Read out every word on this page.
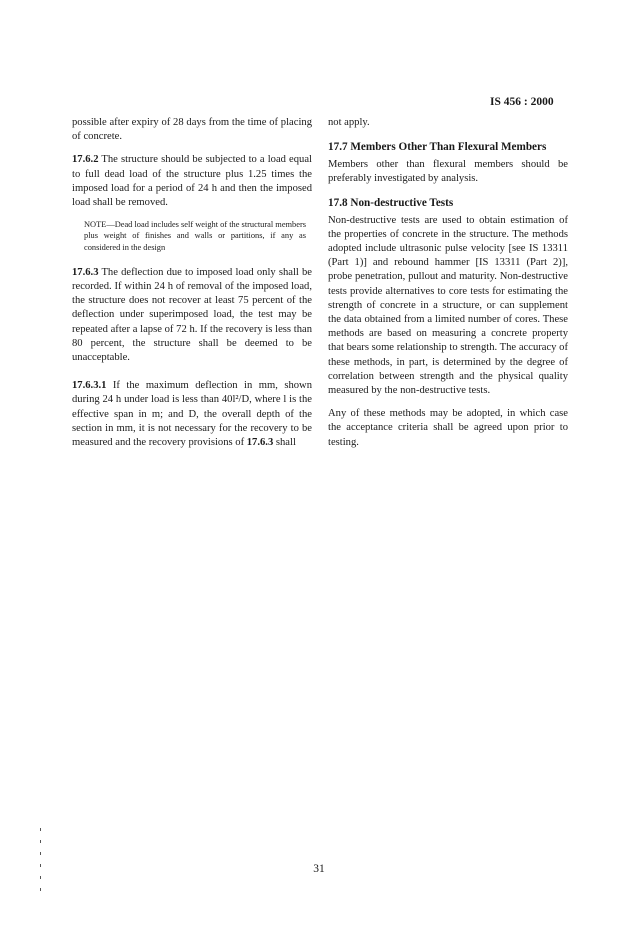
IS 456 : 2000

possible after expiry of 28 days from the time of placing of concrete.

17.6.2 The structure should be subjected to a load equal to full dead load of the structure plus 1.25 times the imposed load for a period of 24 h and then the imposed load shall be removed.

NOTE—Dead load includes self weight of the structural members plus weight of finishes and walls or partitions, if any as considered in the design

17.6.3 The deflection due to imposed load only shall be recorded. If within 24 h of removal of the imposed load, the structure does not recover at least 75 percent of the deflection under superimposed load, the test may be repeated after a lapse of 72 h. If the recovery is less than 80 percent, the structure shall be deemed to be unacceptable.

17.6.3.1 If the maximum deflection in mm, shown during 24 h under load is less than 40l²/D, where l is the effective span in m; and D, the overall depth of the section in mm, it is not necessary for the recovery to be measured and the recovery provisions of 17.6.3 shall

not apply.

17.7 Members Other Than Flexural Members

Members other than flexural members should be preferably investigated by analysis.

17.8 Non-destructive Tests

Non-destructive tests are used to obtain estimation of the properties of concrete in the structure. The methods adopted include ultrasonic pulse velocity [see IS 13311 (Part 1)] and rebound hammer [IS 13311 (Part 2)], probe penetration, pullout and maturity. Non-destructive tests provide alternatives to core tests for estimating the strength of concrete in a structure, or can supplement the data obtained from a limited number of cores. These methods are based on measuring a concrete property that bears some relationship to strength. The accuracy of these methods, in part, is determined by the degree of correlation between strength and the physical quality measured by the non-destructive tests.

Any of these methods may be adopted, in which case the acceptance criteria shall be agreed upon prior to testing.

31
